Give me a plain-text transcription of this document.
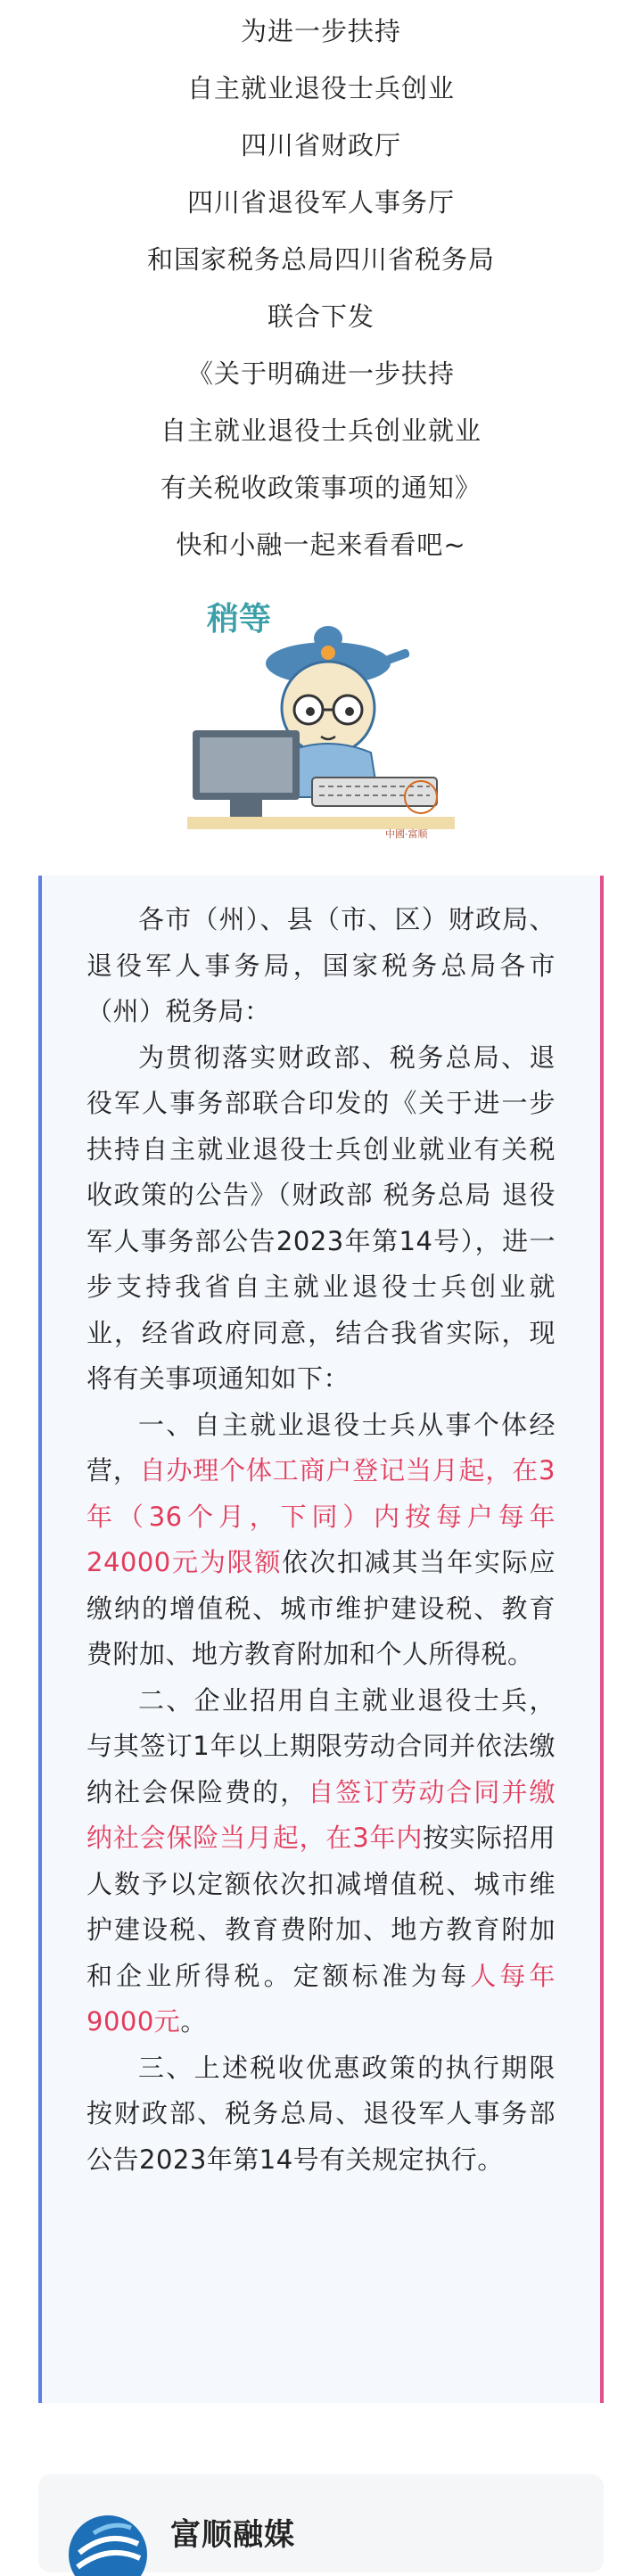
为进一步扶持
自主就业退役士兵创业
四川省财政厅
四川省退役军人事务厅
和国家税务总局四川省税务局
联合下发
《关于明确进一步扶持
自主就业退役士兵创业就业
有关税收政策事项的通知》
快和小融一起来看看吧~
稍等
中國·富顺

各市（州）、县（市、区）财政局、退役军人事务局，国家税务总局各市（州）税务局：

为贯彻落实财政部、税务总局、退役军人事务部联合印发的《关于进一步扶持自主就业退役士兵创业就业有关税收政策的公告》（财政部 税务总局 退役军人事务部公告2023年第14号），进一步支持我省自主就业退役士兵创业就业，经省政府同意，结合我省实际，现将有关事项通知如下：

一、自主就业退役士兵从事个体经营，自办理个体工商户登记当月起，在3年（36个月，下同）内按每户每年24000元为限额依次扣减其当年实际应缴纳的增值税、城市维护建设税、教育费附加、地方教育附加和个人所得税。

二、企业招用自主就业退役士兵，与其签订1年以上期限劳动合同并依法缴纳社会保险费的，自签订劳动合同并缴纳社会保险当月起，在3年内按实际招用人数予以定额依次扣减增值税、城市维护建设税、教育费附加、地方教育附加和企业所得税。定额标准为每人每年9000元。

三、上述税收优惠政策的执行期限按财政部、税务总局、退役军人事务部公告2023年第14号有关规定执行。

富顺融媒
